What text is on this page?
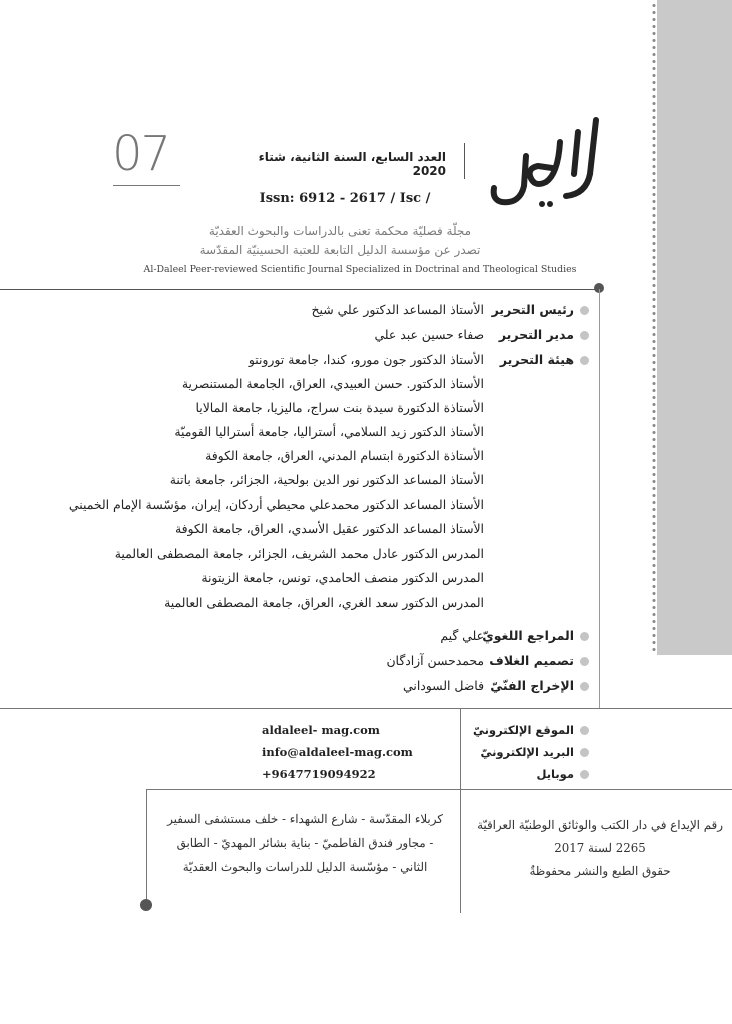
الدليل
العدد السابع، السنة الثانية، شتاء 2020
07
Issn: 6912 - 2617 / Isc /
مجلّة فصليّة محكمة تعنى بالدراسات والبحوث العقديّة
تصدر عن مؤسسة الدليل التابعة للعتبة الحسينيّة المقدّسة
Al-Daleel Peer-reviewed Scientific Journal Specialized in Doctrinal and Theological Studies
رئيس التحرير
مدير التحرير
هيئة التحرير
الأستاذ المساعد الدكتور علي شيخ
صفاء حسين عبد علي
الأستاذ الدكتور جون مورو، كندا، جامعة تورونتو
الأستاذ الدكتور. حسن العبيدي، العراق، الجامعة المستنصرية
الأستاذة الدكتورة سيدة بنت سراج، ماليزيا، جامعة المالايا
الأستاذ الدكتور زيد السلامي، أستراليا، جامعة أستراليا القوميّة
الأستاذة الدكتورة ابتسام المدني، العراق، جامعة الكوفة
الأستاذ المساعد الدكتور نور الدين بولحية، الجزائر، جامعة باتنة
الأستاذ المساعد الدكتور محمدعلي محيطي أردكان، إيران، مؤسّسة الإمام الخميني
الأستاذ المساعد الدكتور عقيل الأسدي، العراق، جامعة الكوفة
المدرس الدكتور عادل محمد الشريف، الجزائر، جامعة المصطفى العالمية
المدرس الدكتور منصف الحامدي، تونس، جامعة الزيتونة
المدرس الدكتور سعد الغري، العراق، جامعة المصطفى العالمية
المراجع اللغويّ
تصميم الغلاف
الإخراج الفنّيّ
علي گيم
محمدحسن آزادگان
فاضل السوداني
الموقع الإلكترونيّ
البريد الإلكترونيّ
موبايل
aldaleel- mag.com
info@aldaleel-mag.com
+9647719094922
كربلاء المقدّسة - شارع الشهداء - خلف مستشفى السفير
- مجاور فندق الفاطميّ - بناية بشائر المهديّ - الطابق
الثاني - مؤسّسة الدليل للدراسات والبحوث العقديّة
رقم الإيداع في دار الكتب والوثائق الوطنيّة العراقيّة
2265 لسنة 2017
حقوق الطبع والنشر محفوظةٌ
